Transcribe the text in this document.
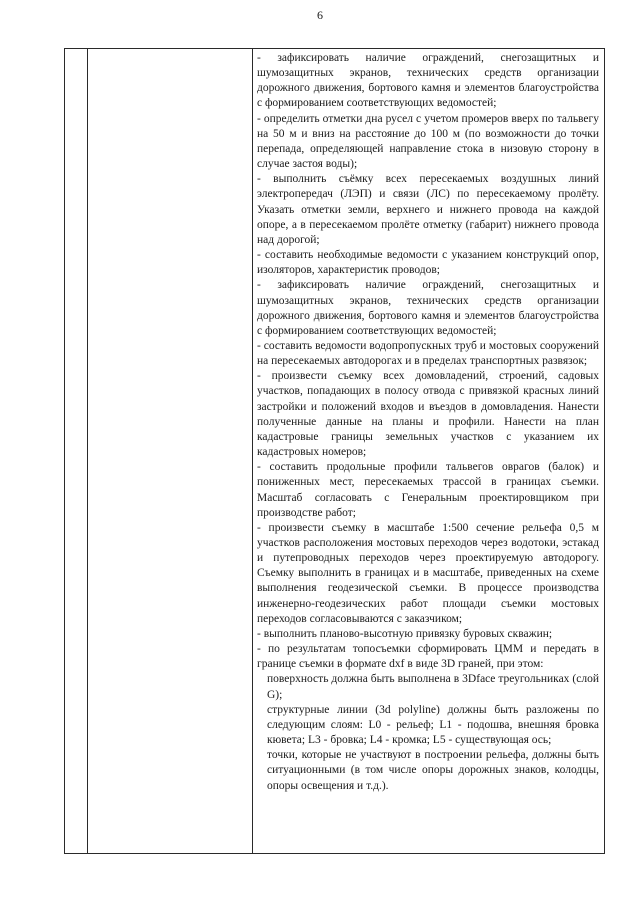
6

- зафиксировать наличие ограждений, снегозащитных и шумозащитных экранов, технических средств организации дорожного движения, бортового камня и элементов благоустройства с формированием соответствующих ведомостей;

- определить отметки дна русел с учетом промеров вверх по тальвегу на 50 м и вниз на расстояние до 100 м (по возможности до точки перепада, определяющей направление стока в низовую сторону в случае застоя воды);

- выполнить съёмку всех пересекаемых воздушных линий электропередач (ЛЭП) и связи (ЛС) по пересекаемому пролёту. Указать отметки земли, верхнего и нижнего провода на каждой опоре, а в пересекаемом пролёте отметку (габарит) нижнего провода над дорогой;

- составить необходимые ведомости с указанием конструкций опор, изоляторов, характеристик проводов;

- зафиксировать наличие ограждений, снегозащитных и шумозащитных экранов, технических средств организации дорожного движения, бортового камня и элементов благоустройства с формированием соответствующих ведомостей;

- составить ведомости водопропускных труб и мостовых сооружений на пересекаемых автодорогах и в пределах транспортных развязок;

- произвести съемку всех домовладений, строений, садовых участков, попадающих в полосу отвода с привязкой красных линий застройки и положений входов и въездов в домовладения. Нанести полученные данные на планы и профили. Нанести на план кадастровые границы земельных участков с указанием их кадастровых номеров;

- составить продольные профили тальвегов оврагов (балок) и пониженных мест, пересекаемых трассой в границах съемки. Масштаб согласовать с Генеральным проектировщиком при производстве работ;

- произвести съемку в масштабе 1:500 сечение рельефа 0,5 м участков расположения мостовых переходов через водотоки, эстакад и путепроводных переходов через проектируемую автодорогу. Съемку выполнить в границах и в масштабе, приведенных на схеме выполнения геодезической съемки. В процессе производства инженерно-геодезических работ площади съемки мостовых переходов согласовываются с заказчиком;

- выполнить планово-высотную привязку буровых скважин;

- по результатам топосъемки сформировать ЦММ и передать в границе съемки в формате dxf в виде 3D граней, при этом:

поверхность должна быть выполнена в 3Dface треугольниках (слой G);

структурные линии (3d polyline) должны быть разложены по следующим слоям: L0 - рельеф; L1 - подошва, внешняя бровка кювета; L3 - бровка; L4 - кромка; L5 - существующая ось;

точки, которые не участвуют в построении рельефа, должны быть ситуационными (в том числе опоры дорожных знаков, колодцы, опоры освещения и т.д.).
